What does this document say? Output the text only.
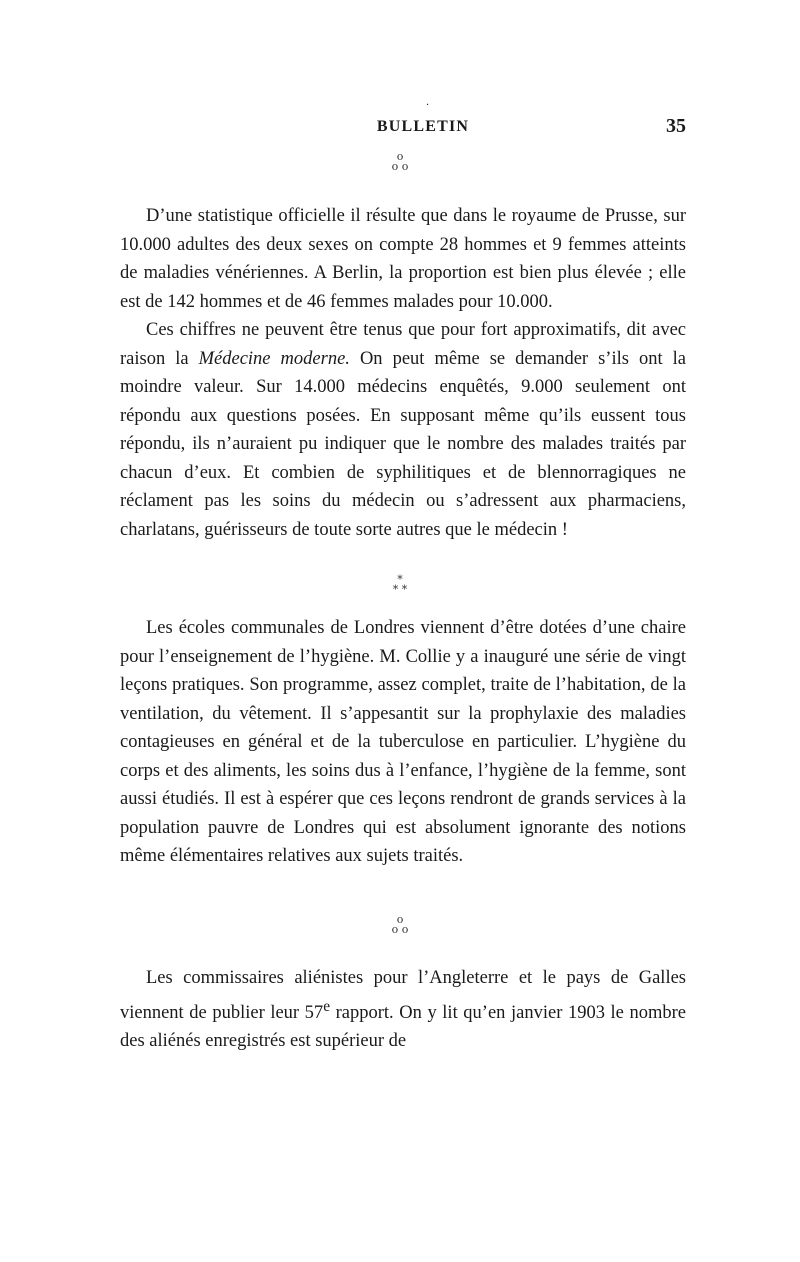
·
BULLETIN	35
o
o o

D’une statistique officielle il résulte que dans le royaume de Prusse, sur 10.000 adultes des deux sexes on compte 28 hommes et 9 femmes atteints de maladies vénériennes. A Berlin, la proportion est bien plus élevée ; elle est de 142 hommes et de 46 femmes malades pour 10.000.

Ces chiffres ne peuvent être tenus que pour fort approximatifs, dit avec raison la Médecine moderne. On peut même se demander s’ils ont la moindre valeur. Sur 14.000 médecins enquêtés, 9.000 seulement ont répondu aux questions posées. En supposant même qu’ils eussent tous répondu, ils n’auraient pu indiquer que le nombre des malades traités par chacun d’eux. Et combien de syphilitiques et de blennorragiques ne réclament pas les soins du médecin ou s’adressent aux pharmaciens, charlatans, guérisseurs de toute sorte autres que le médecin !

*
* *

Les écoles communales de Londres viennent d’être dotées d’une chaire pour l’enseignement de l’hygiène. M. Collie y a inauguré une série de vingt leçons pratiques. Son programme, assez complet, traite de l’habitation, de la ventilation, du vêtement. Il s’appesantit sur la prophylaxie des maladies contagieuses en général et de la tuberculose en particulier. L’hygiène du corps et des aliments, les soins dus à l’enfance, l’hygiène de la femme, sont aussi étudiés. Il est à espérer que ces leçons rendront de grands services à la population pauvre de Londres qui est absolument ignorante des notions même élémentaires relatives aux sujets traités.

o
o o

Les commissaires aliénistes pour l’Angleterre et le pays de Galles viennent de publier leur 57e rapport. On y lit qu’en janvier 1903 le nombre des aliénés enregistrés est supérieur de
